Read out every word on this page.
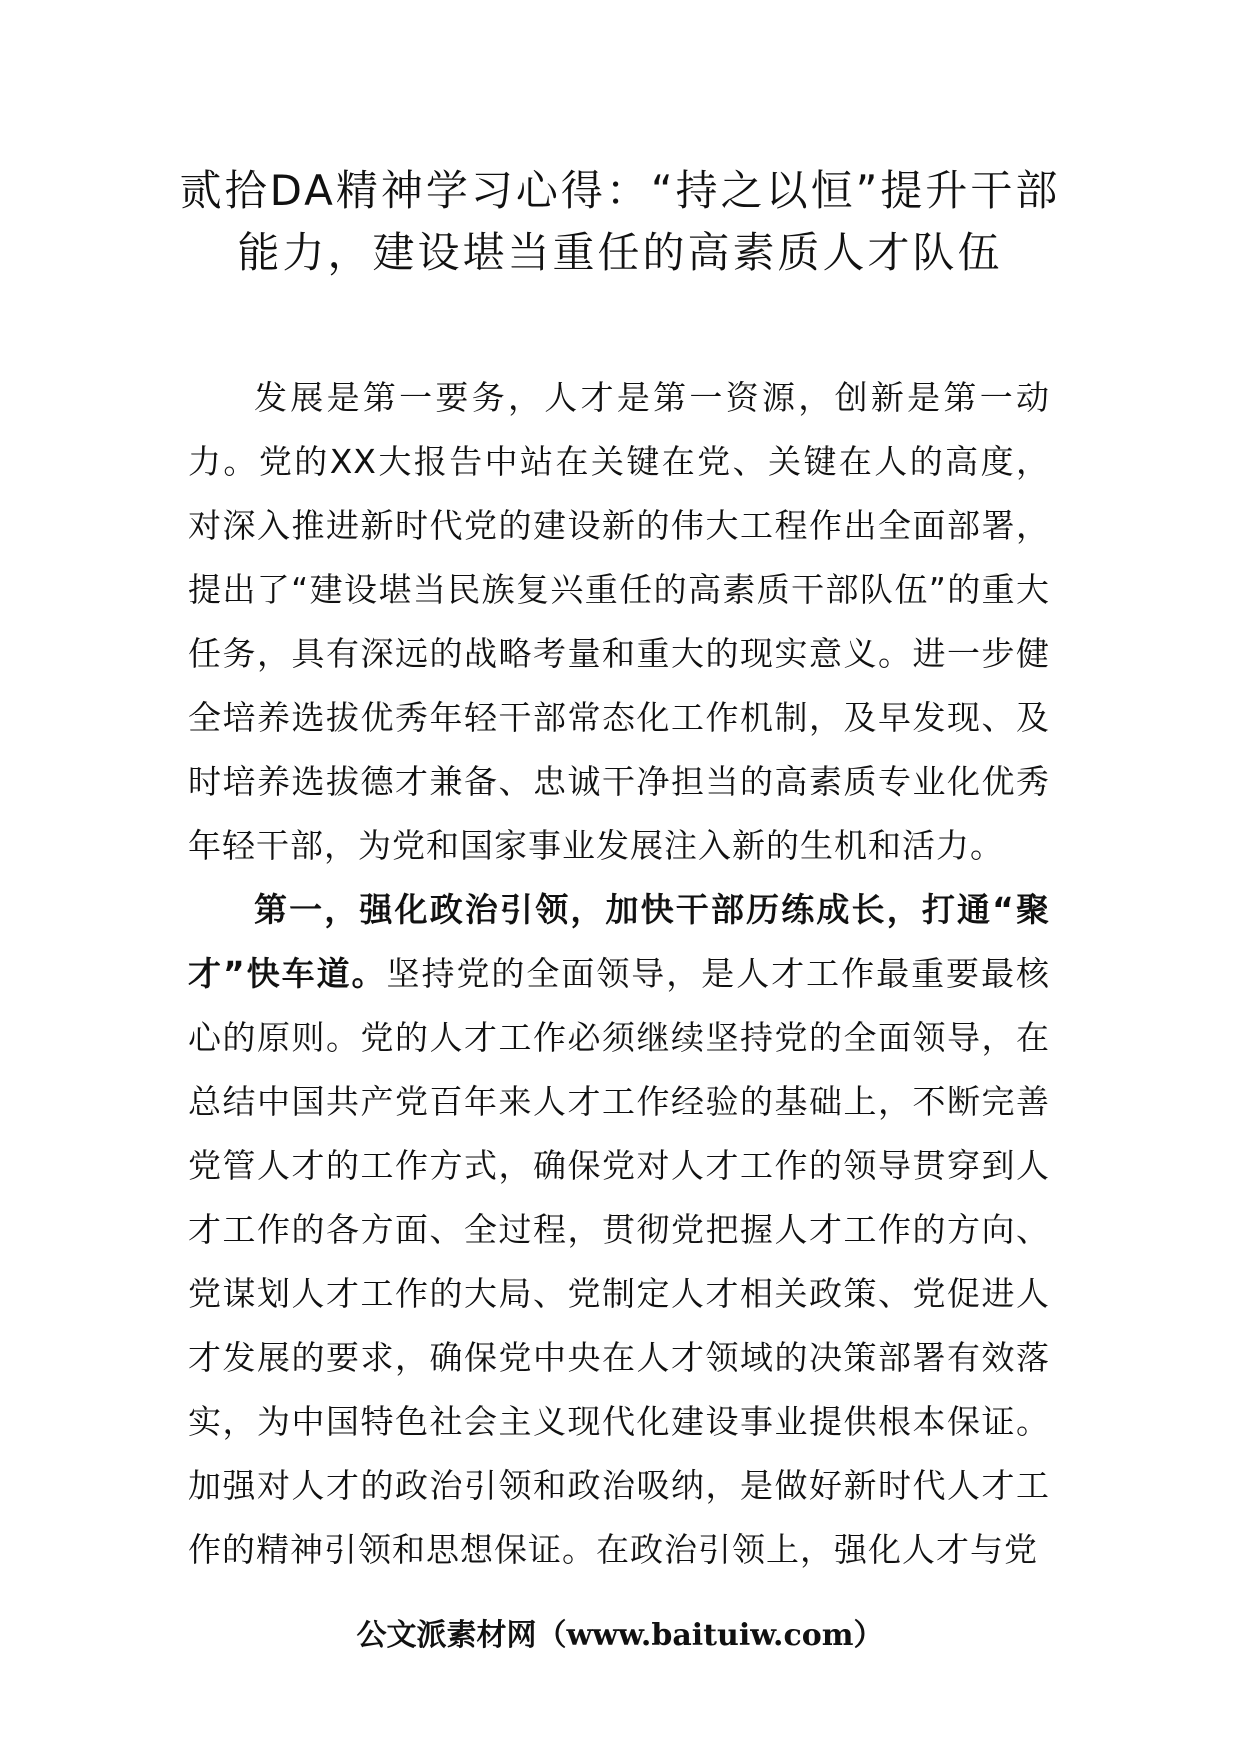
贰拾DA精神学习心得：“持之以恒”提升干部能力，建设堪当重任的高素质人才队伍

发展是第一要务，人才是第一资源，创新是第一动力。党的XX大报告中站在关键在党、关键在人的高度，对深入推进新时代党的建设新的伟大工程作出全面部署，提出了“建设堪当民族复兴重任的高素质干部队伍”的重大任务，具有深远的战略考量和重大的现实意义。进一步健全培养选拔优秀年轻干部常态化工作机制，及早发现、及时培养选拔德才兼备、忠诚干净担当的高素质专业化优秀年轻干部，为党和国家事业发展注入新的生机和活力。

第一，强化政治引领，加快干部历练成长，打通“聚才”快车道。坚持党的全面领导，是人才工作最重要最核心的原则。党的人才工作必须继续坚持党的全面领导，在总结中国共产党百年来人才工作经验的基础上，不断完善党管人才的工作方式，确保党对人才工作的领导贯穿到人才工作的各方面、全过程，贯彻党把握人才工作的方向、党谋划人才工作的大局、党制定人才相关政策、党促进人才发展的要求，确保党中央在人才领域的决策部署有效落实，为中国特色社会主义现代化建设事业提供根本保证。加强对人才的政治引领和政治吸纳，是做好新时代人才工作的精神引领和思想保证。在政治引领上，强化人才与党

公文派素材网（www.baituiw.com）
